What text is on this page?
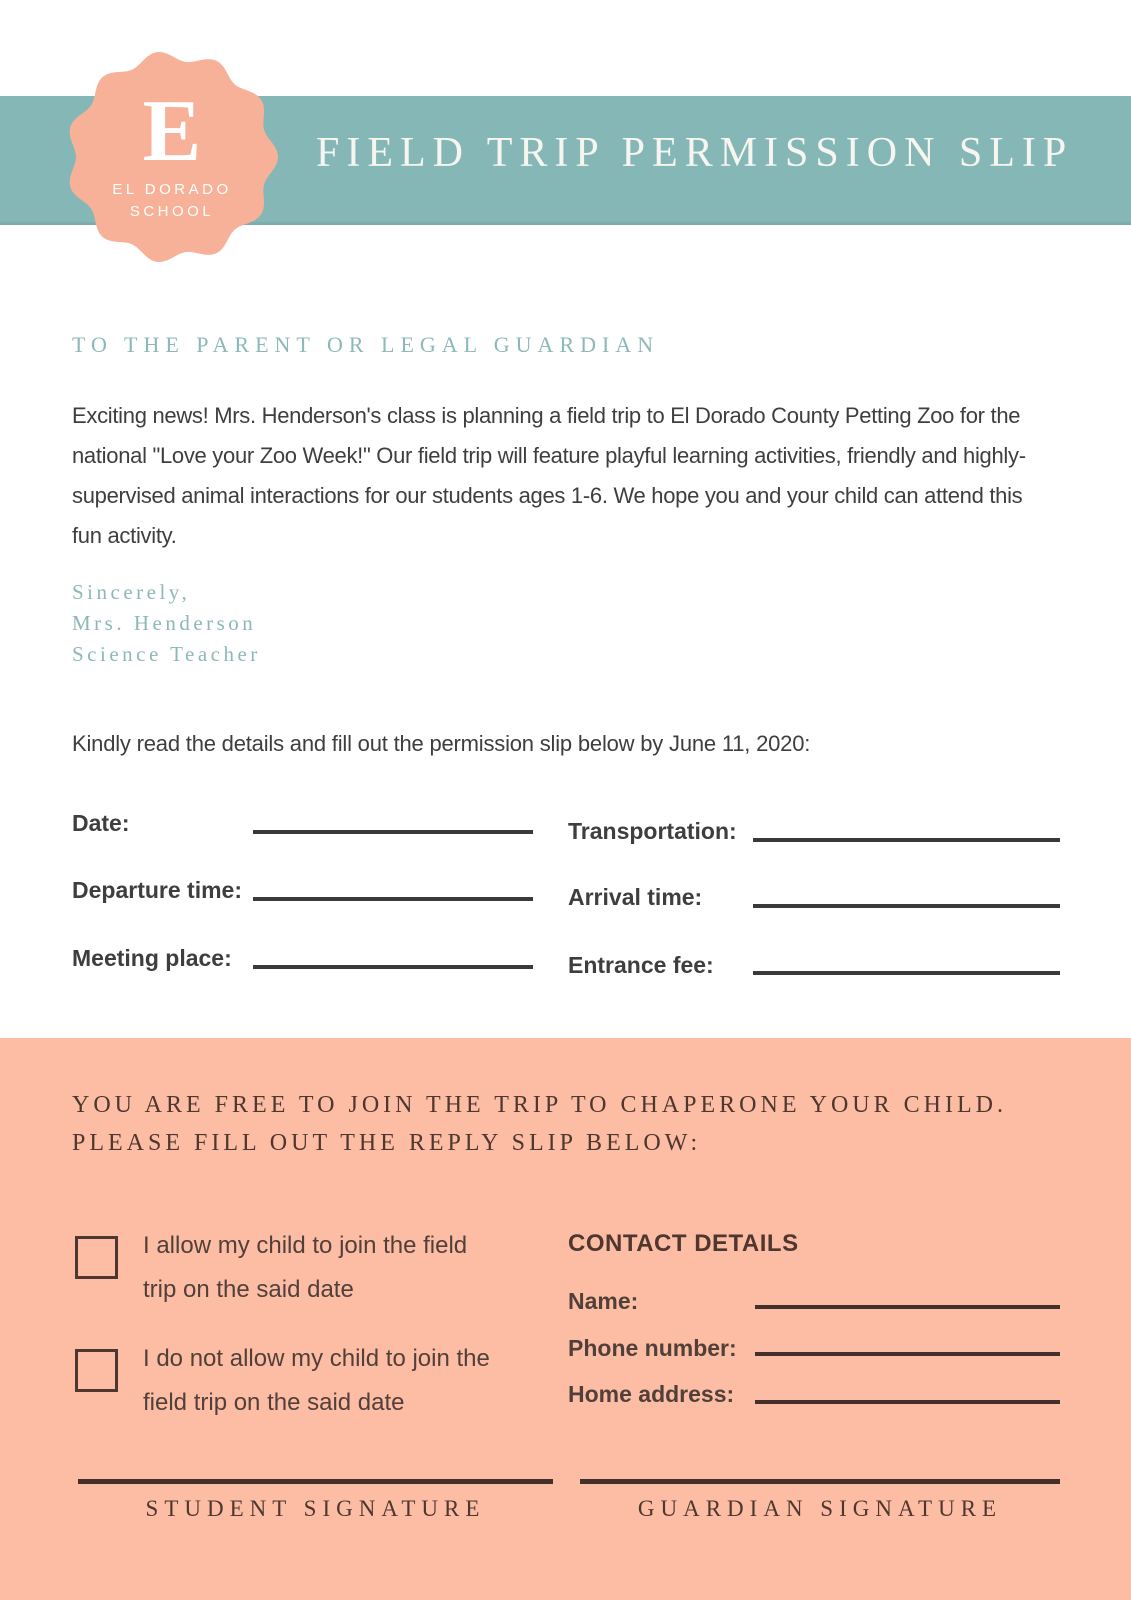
FIELD TRIP PERMISSION SLIP
E
EL DORADO
SCHOOL
TO THE PARENT OR LEGAL GUARDIAN
Exciting news! Mrs. Henderson's class is planning a field trip to El Dorado County Petting Zoo for the national "Love your Zoo Week!" Our field trip will feature playful learning activities, friendly and highly-supervised animal interactions for our students ages 1-6. We hope you and your child can attend this fun activity.
Sincerely,
Mrs. Henderson
Science Teacher
Kindly read the details and fill out the permission slip below by June 11, 2020:
Date:
Departure time:
Meeting place:
Transportation:
Arrival time:
Entrance fee:
YOU ARE FREE TO JOIN THE TRIP TO CHAPERONE YOUR CHILD.
PLEASE FILL OUT THE REPLY SLIP BELOW:
I allow my child to join the field
trip on the said date
I do not allow my child to join the
field trip on the said date
CONTACT DETAILS
Name:
Phone number:
Home address:
STUDENT SIGNATURE	GUARDIAN SIGNATURE
